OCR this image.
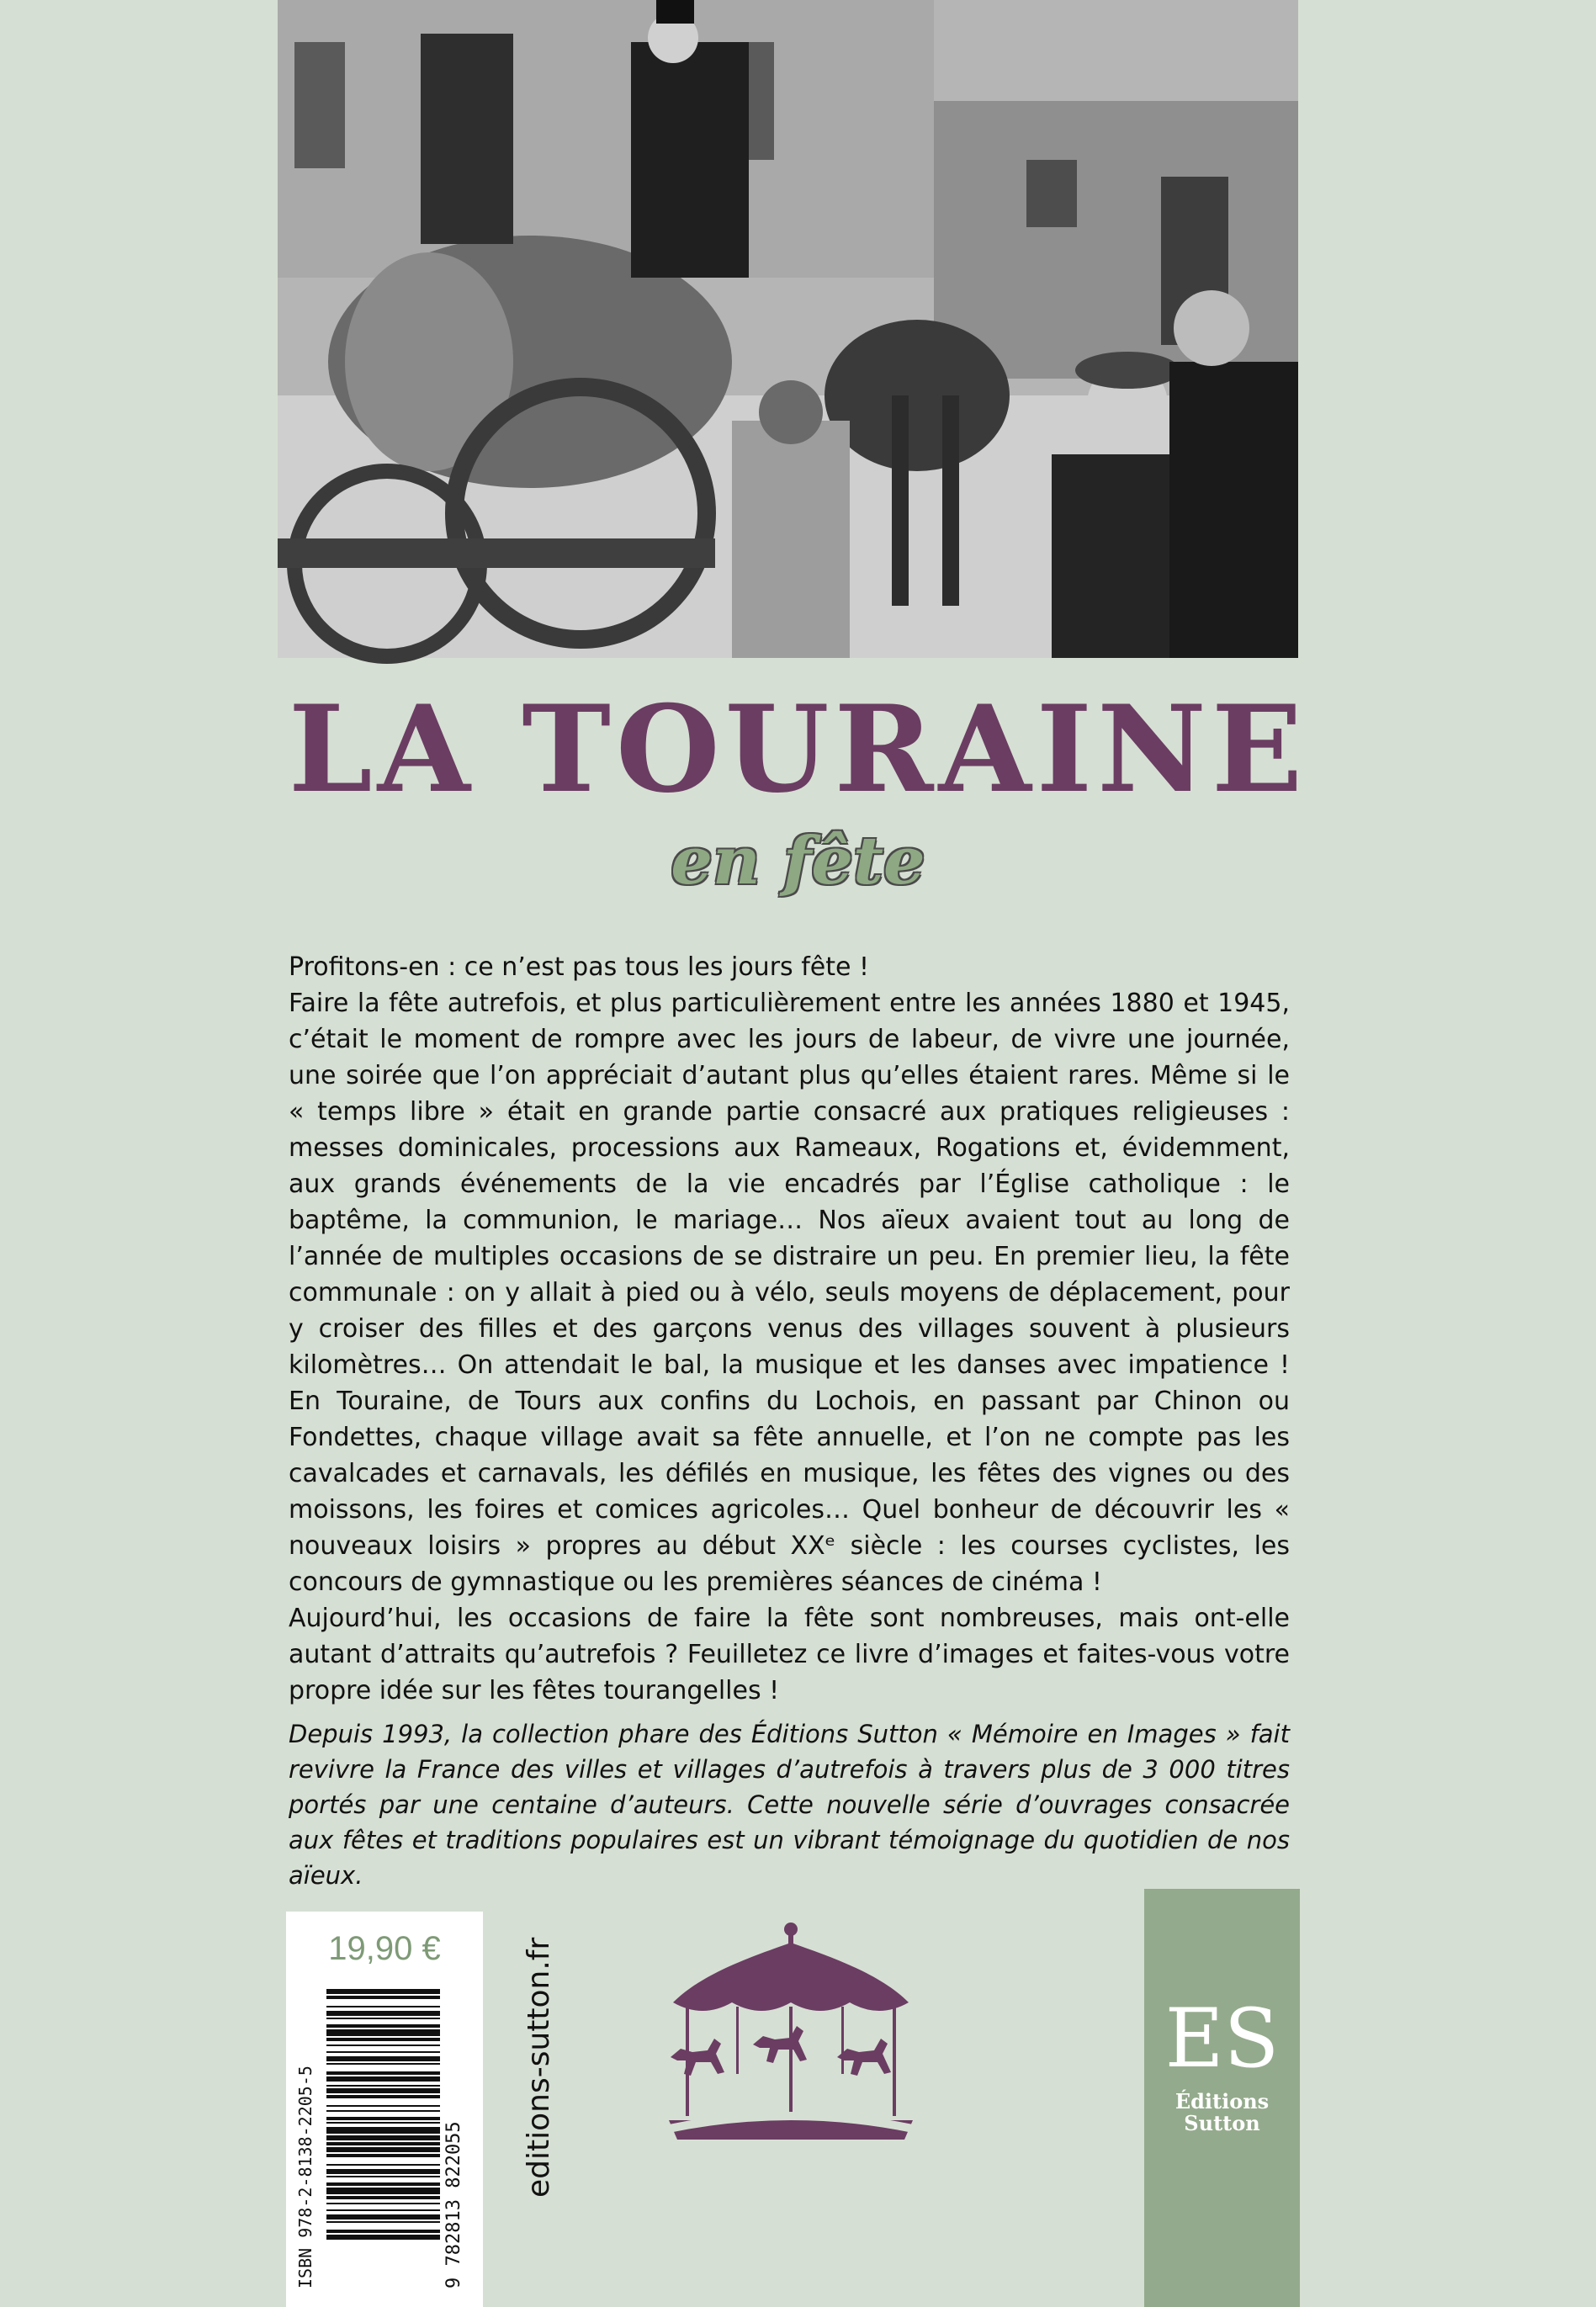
LA TOURAINE
en fête

Profitons-en : ce n’est pas tous les jours fête !

Faire la fête autrefois, et plus particulièrement entre les années 1880 et 1945, c’était le moment de rompre avec les jours de labeur, de vivre une journée, une soirée que l’on appréciait d’autant plus qu’elles étaient rares. Même si le « temps libre » était en grande partie consacré aux pratiques religieuses : messes dominicales, processions aux Rameaux, Rogations et, évidemment, aux grands événements de la vie encadrés par l’Église catholique : le baptême, la communion, le mariage… Nos aïeux avaient tout au long de l’année de multiples occasions de se distraire un peu. En premier lieu, la fête communale : on y allait à pied ou à vélo, seuls moyens de déplacement, pour y croiser des filles et des garçons venus des villages souvent à plusieurs kilomètres… On attendait le bal, la musique et les danses avec impatience ! En Touraine, de Tours aux confins du Lochois, en passant par Chinon ou Fondettes, chaque village avait sa fête annuelle, et l’on ne compte pas les cavalcades et carnavals, les défilés en musique, les fêtes des vignes ou des moissons, les foires et comices agricoles… Quel bonheur de découvrir les « nouveaux loisirs » propres au début XXᵉ siècle : les courses cyclistes, les concours de gymnastique ou les premières séances de cinéma !

Aujourd’hui, les occasions de faire la fête sont nombreuses, mais ont-elle autant d’attraits qu’autrefois ? Feuilletez ce livre d’images et faites-vous votre propre idée sur les fêtes tourangelles !

Depuis 1993, la collection phare des Éditions Sutton « Mémoire en Images » fait revivre la France des villes et villages d’autrefois à travers plus de 3 000 titres portés par une centaine d’auteurs. Cette nouvelle série d’ouvrages consacrée aux fêtes et traditions populaires est un vibrant témoignage du quotidien de nos aïeux.
19,90 €
9 782813 822055
ISBN 978-2-8138-2205-5	editions-sutton.fr	ES
Éditions
Sutton
